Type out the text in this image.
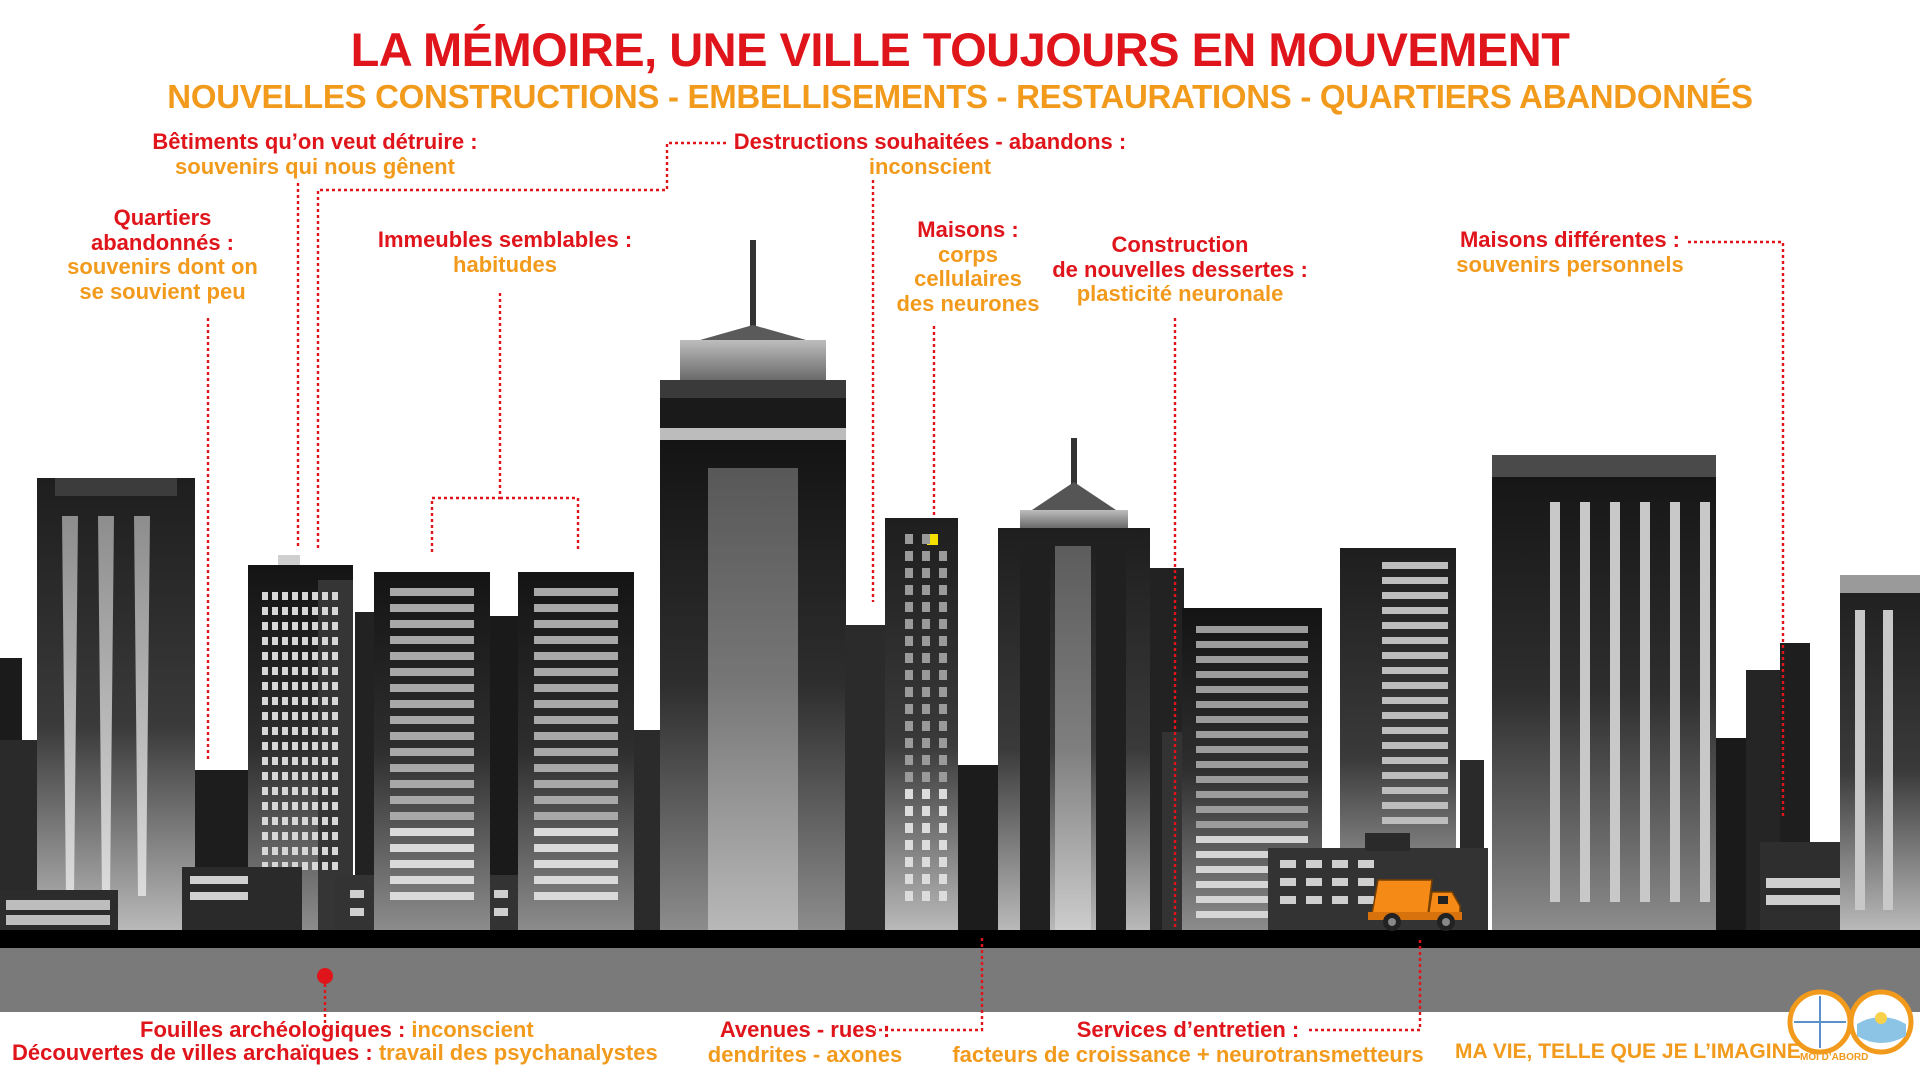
LA MÉMOIRE, UNE VILLE TOUJOURS EN MOUVEMENT
NOUVELLES CONSTRUCTIONS - EMBELLISEMENTS - RESTAURATIONS - QUARTIERS ABANDONNÉS
Bêtiments qu’on veut détruire :
souvenirs qui nous gênent
Destructions souhaitées - abandons :
inconscient
Quartiers
abandonnés :
souvenirs dont on
se souvient peu
Immeubles semblables :
habitudes
Maisons :
corps
cellulaires
des neurones
Construction
de nouvelles dessertes :
plasticité neuronale
Maisons différentes :
souvenirs personnels
Fouilles archéologiques : inconscient
Découvertes de villes archaïques : travail des psychanalystes
Avenues - rues :
dendrites - axones
Services d’entretien :
facteurs de croissance + neurotransmetteurs	MA VIE, TELLE QUE JE L’IMAGINE MOI D’ABORD
